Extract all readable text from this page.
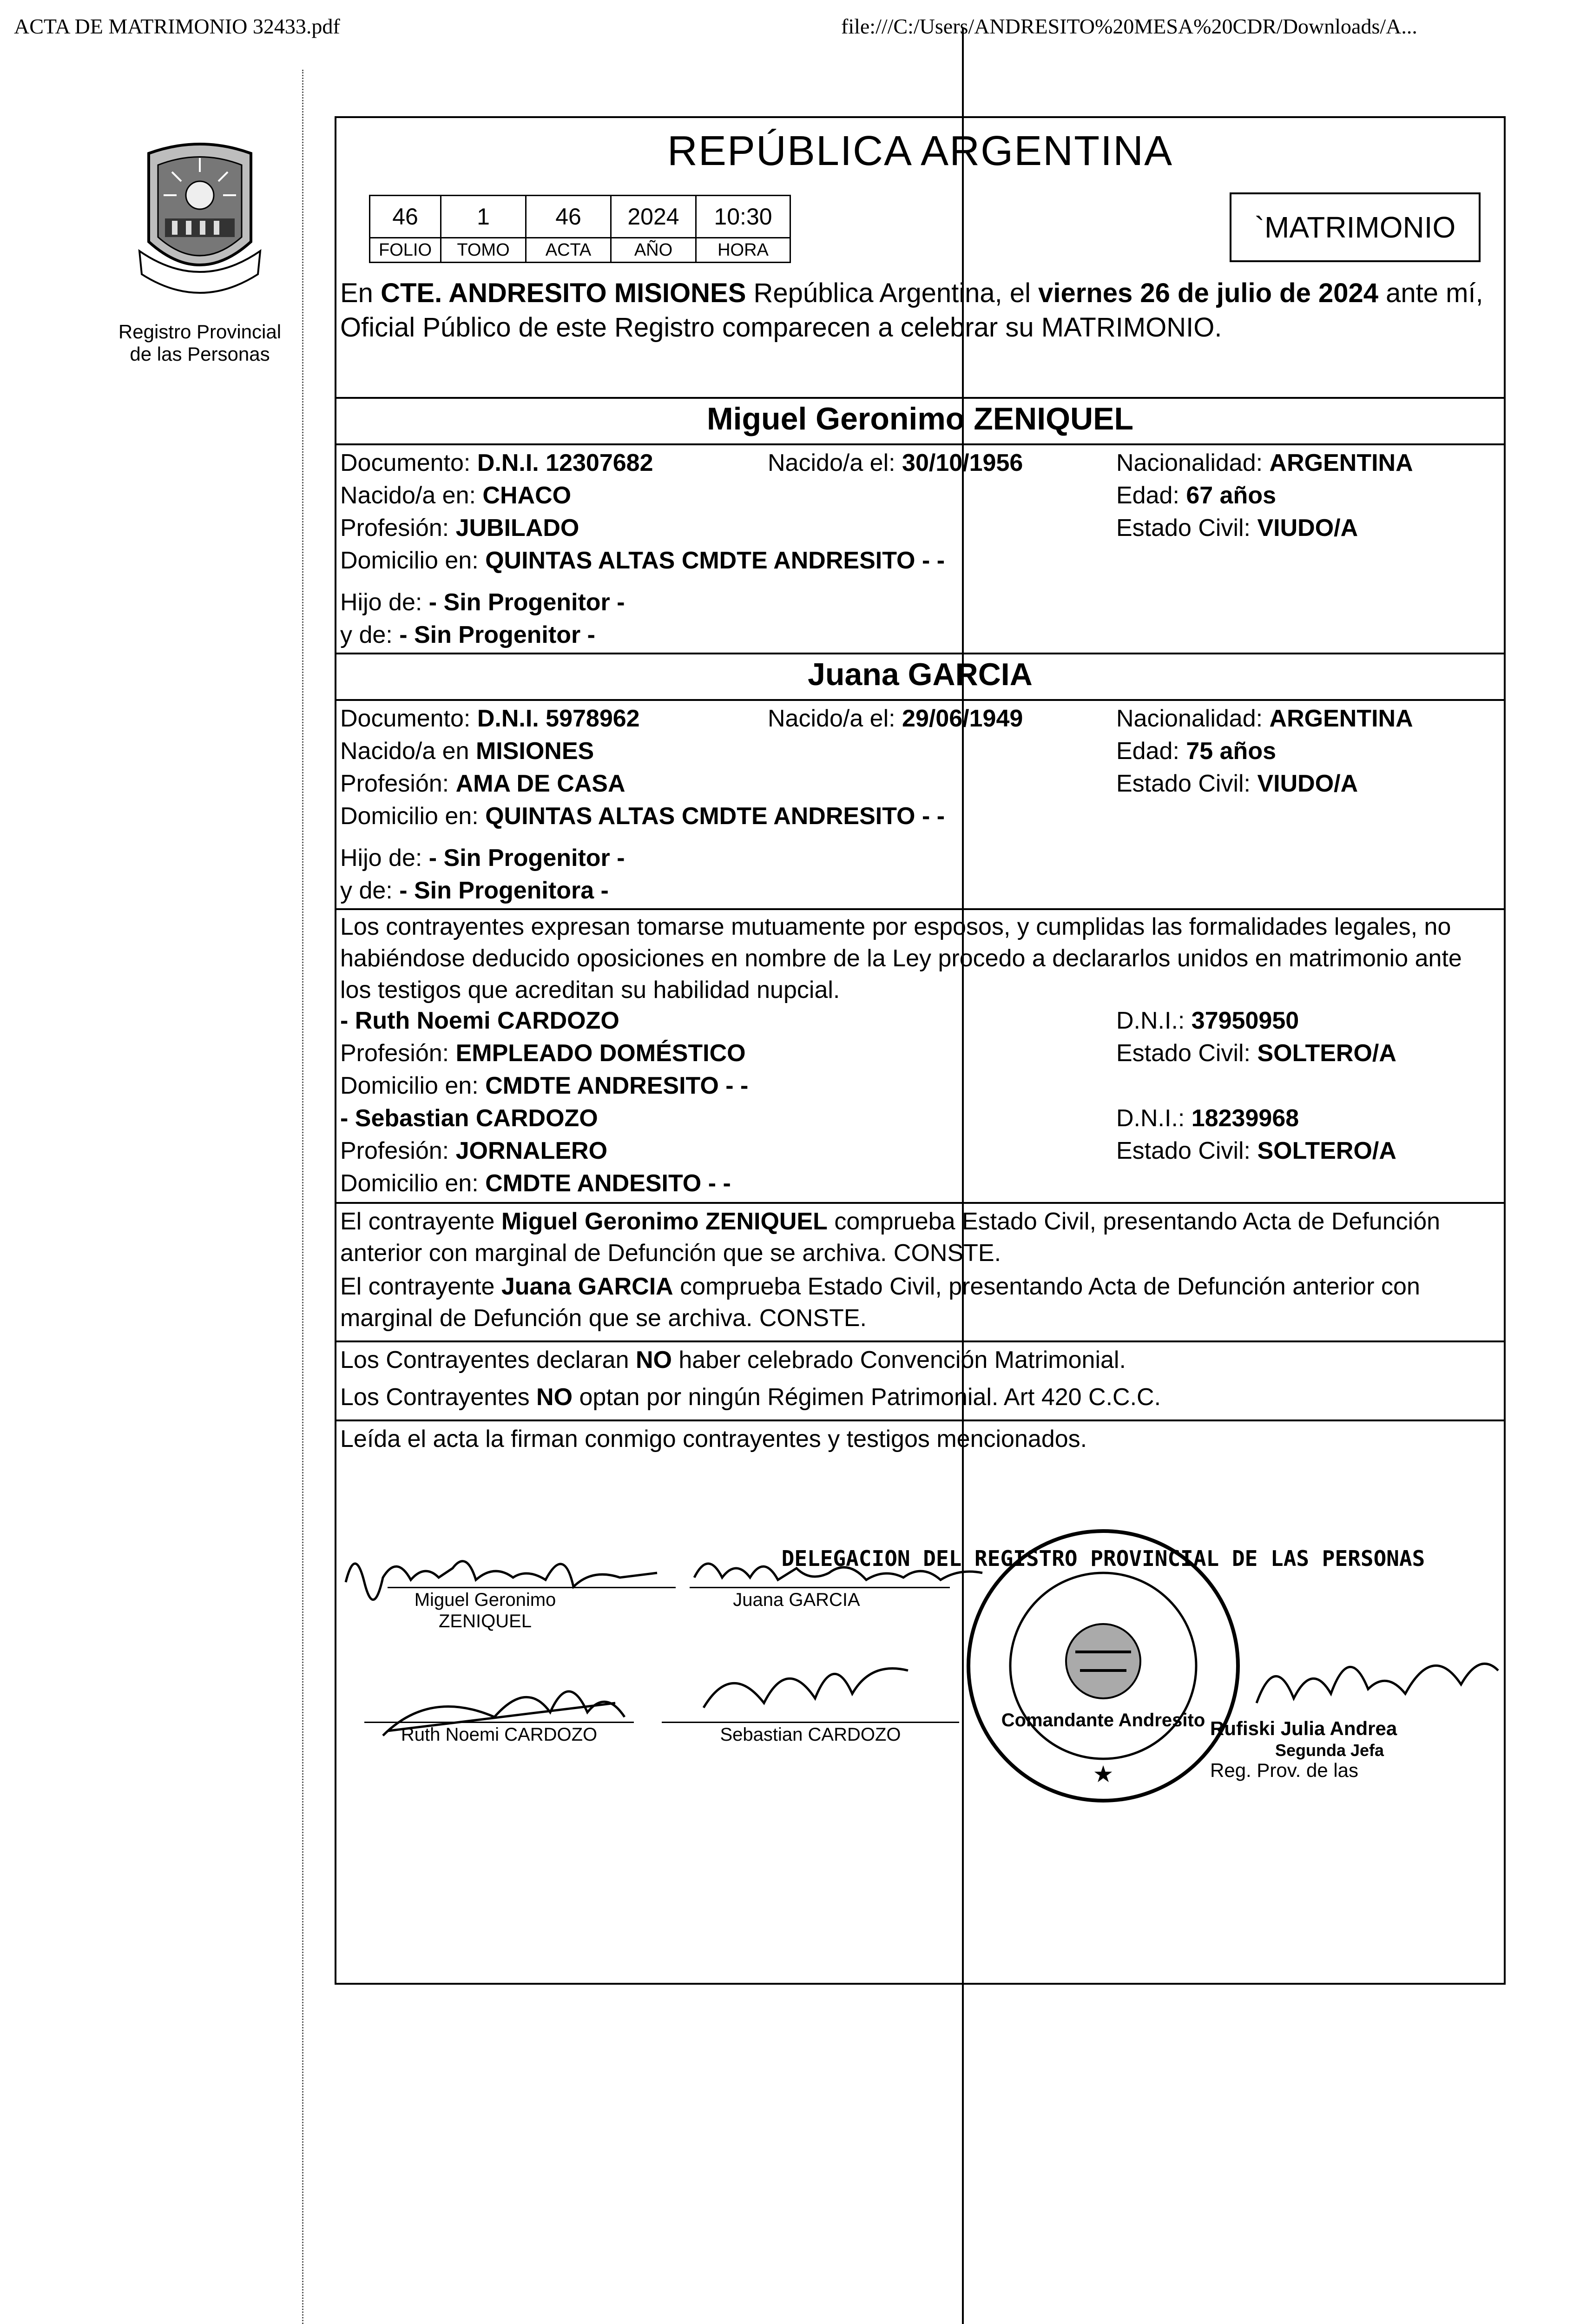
ACTA DE MATRIMONIO 32433.pdf	file:///C:/Users/ANDRESITO%20MESA%20CDR/Downloads/A...
Registro Provincial
de las Personas
REPÚBLICA ARGENTINA
46	1	46	2024	10:30
FOLIO	TOMO	ACTA	AÑO	HORA
`MATRIMONIO
En CTE. ANDRESITO MISIONES República Argentina, el viernes 26 de julio de 2024 ante mí, Oficial Público de este Registro comparecen a celebrar su MATRIMONIO.
Miguel Geronimo ZENIQUEL
Documento: D.N.I. 12307682	Nacido/a el: 30/10/1956	Nacionalidad: ARGENTINA
Nacido/a en: CHACO	Edad: 67 años
Profesión: JUBILADO	Estado Civil: VIUDO/A
Domicilio en: QUINTAS ALTAS CMDTE ANDRESITO - -
Hijo de: - Sin Progenitor -
y de: - Sin Progenitor -
Juana GARCIA
Documento: D.N.I. 5978962	Nacido/a el: 29/06/1949	Nacionalidad: ARGENTINA
Nacido/a en MISIONES	Edad: 75 años
Profesión: AMA DE CASA	Estado Civil: VIUDO/A
Domicilio en: QUINTAS ALTAS CMDTE ANDRESITO - -
Hijo de: - Sin Progenitor -
y de: - Sin Progenitora -
Los contrayentes expresan tomarse mutuamente por esposos, y cumplidas las formalidades legales, no
habiéndose deducido oposiciones en nombre de la Ley procedo a declararlos unidos en matrimonio ante
los testigos que acreditan su habilidad nupcial.
- Ruth Noemi CARDOZO	D.N.I.: 37950950
Profesión: EMPLEADO DOMÉSTICO	Estado Civil: SOLTERO/A
Domicilio en: CMDTE ANDRESITO - -
- Sebastian CARDOZO	D.N.I.: 18239968
Profesión: JORNALERO	Estado Civil: SOLTERO/A
Domicilio en: CMDTE ANDESITO - -
El contrayente Miguel Geronimo ZENIQUEL comprueba Estado Civil, presentando Acta de Defunción
anterior con marginal de Defunción que se archiva. CONSTE.
El contrayente Juana GARCIA comprueba Estado Civil, presentando Acta de Defunción anterior con
marginal de Defunción que se archiva. CONSTE.
Los Contrayentes declaran NO haber celebrado Convención Matrimonial.
Los Contrayentes NO optan por ningún Régimen Patrimonial. Art 420 C.C.C.
Leída el acta la firman conmigo contrayentes y testigos mencionados.
Miguel Geronimo
ZENIQUEL
Juana GARCIA
Ruth Noemi CARDOZO	Sebastian CARDOZO
DELEGACION DEL REGISTRO PROVINCIAL DE LAS PERSONAS
Comandante Andresito
★
Rufiski Julia Andrea
Segunda Jefa
Reg. Prov. de las
